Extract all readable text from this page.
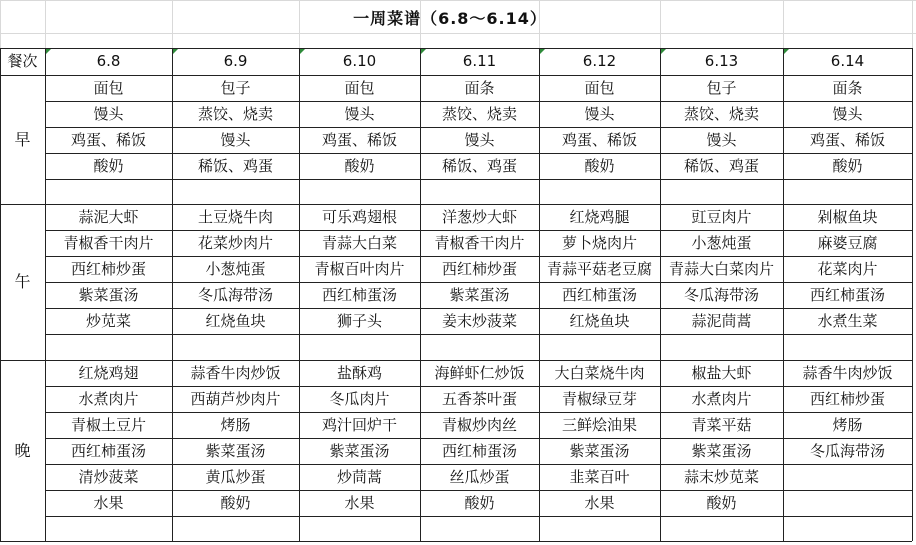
一周菜谱（6.8～6.14）
餐次	6.8	6.9	6.10	6.11	6.12	6.13	6.14
早
面包	包子	面包	面条	面包	包子	面条
馒头	蒸饺、烧卖	馒头	蒸饺、烧卖	馒头	蒸饺、烧卖	馒头
鸡蛋、稀饭	馒头	鸡蛋、稀饭	馒头	鸡蛋、稀饭	馒头	鸡蛋、稀饭
酸奶	稀饭、鸡蛋	酸奶	稀饭、鸡蛋	酸奶	稀饭、鸡蛋	酸奶
午
蒜泥大虾	土豆烧牛肉	可乐鸡翅根	洋葱炒大虾	红烧鸡腿	豇豆肉片	剁椒鱼块
青椒香干肉片	花菜炒肉片	青蒜大白菜	青椒香干肉片	萝卜烧肉片	小葱炖蛋	麻婆豆腐
西红柿炒蛋	小葱炖蛋	青椒百叶肉片	西红柿炒蛋	青蒜平菇老豆腐	青蒜大白菜肉片	花菜肉片
紫菜蛋汤	冬瓜海带汤	西红柿蛋汤	紫菜蛋汤	西红柿蛋汤	冬瓜海带汤	西红柿蛋汤
炒苋菜	红烧鱼块	狮子头	姜末炒菠菜	红烧鱼块	蒜泥茼蒿	水煮生菜
晚
红烧鸡翅	蒜香牛肉炒饭	盐酥鸡	海鲜虾仁炒饭	大白菜烧牛肉	椒盐大虾	蒜香牛肉炒饭
水煮肉片	西葫芦炒肉片	冬瓜肉片	五香茶叶蛋	青椒绿豆芽	水煮肉片	西红柿炒蛋
青椒土豆片	烤肠	鸡汁回炉干	青椒炒肉丝	三鲜烩油果	青菜平菇	烤肠
西红柿蛋汤	紫菜蛋汤	紫菜蛋汤	西红柿蛋汤	紫菜蛋汤	紫菜蛋汤	冬瓜海带汤
清炒菠菜	黄瓜炒蛋	炒茼蒿	丝瓜炒蛋	韭菜百叶	蒜末炒苋菜
水果	酸奶	水果	酸奶	水果	酸奶
